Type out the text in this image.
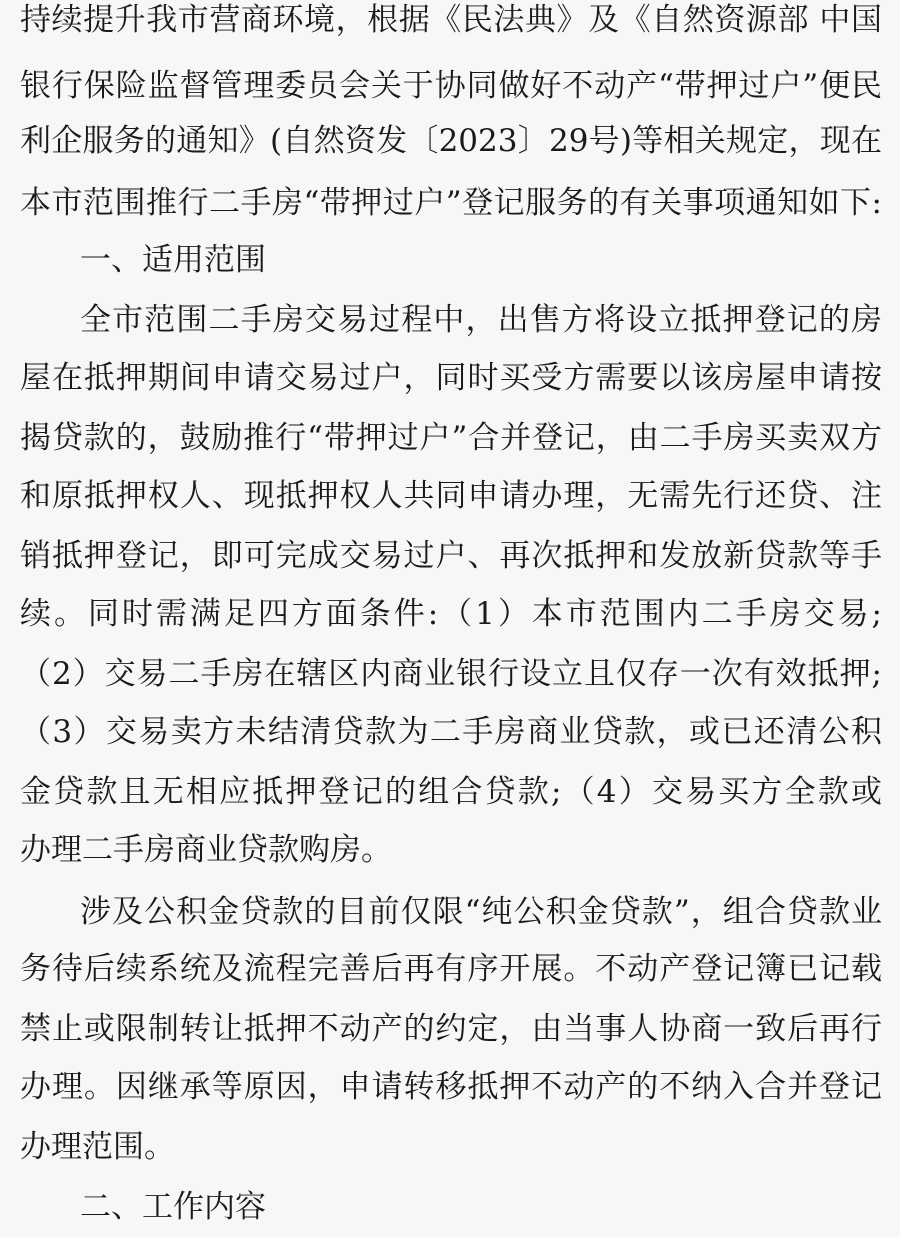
持续提升我市营商环境，根据《民法典》及《自然资源部 中国
银行保险监督管理委员会关于协同做好不动产“带押过户”便民
利企服务的通知》(自然资发〔2023〕29号)等相关规定，现在
本市范围推行二手房“带押过户”登记服务的有关事项通知如下:
一、适用范围
全市范围二手房交易过程中，出售方将设立抵押登记的房
屋在抵押期间申请交易过户，同时买受方需要以该房屋申请按
揭贷款的，鼓励推行“带押过户”合并登记，由二手房买卖双方
和原抵押权人、现抵押权人共同申请办理，无需先行还贷、注
销抵押登记，即可完成交易过户、再次抵押和发放新贷款等手
续。同时需满足四方面条件:（1）本市范围内二手房交易;
（2）交易二手房在辖区内商业银行设立且仅存一次有效抵押;
（3）交易卖方未结清贷款为二手房商业贷款，或已还清公积
金贷款且无相应抵押登记的组合贷款;（4）交易买方全款或
办理二手房商业贷款购房。
涉及公积金贷款的目前仅限“纯公积金贷款”，组合贷款业
务待后续系统及流程完善后再有序开展。不动产登记簿已记载
禁止或限制转让抵押不动产的约定，由当事人协商一致后再行
办理。因继承等原因，申请转移抵押不动产的不纳入合并登记
办理范围。
二、工作内容
